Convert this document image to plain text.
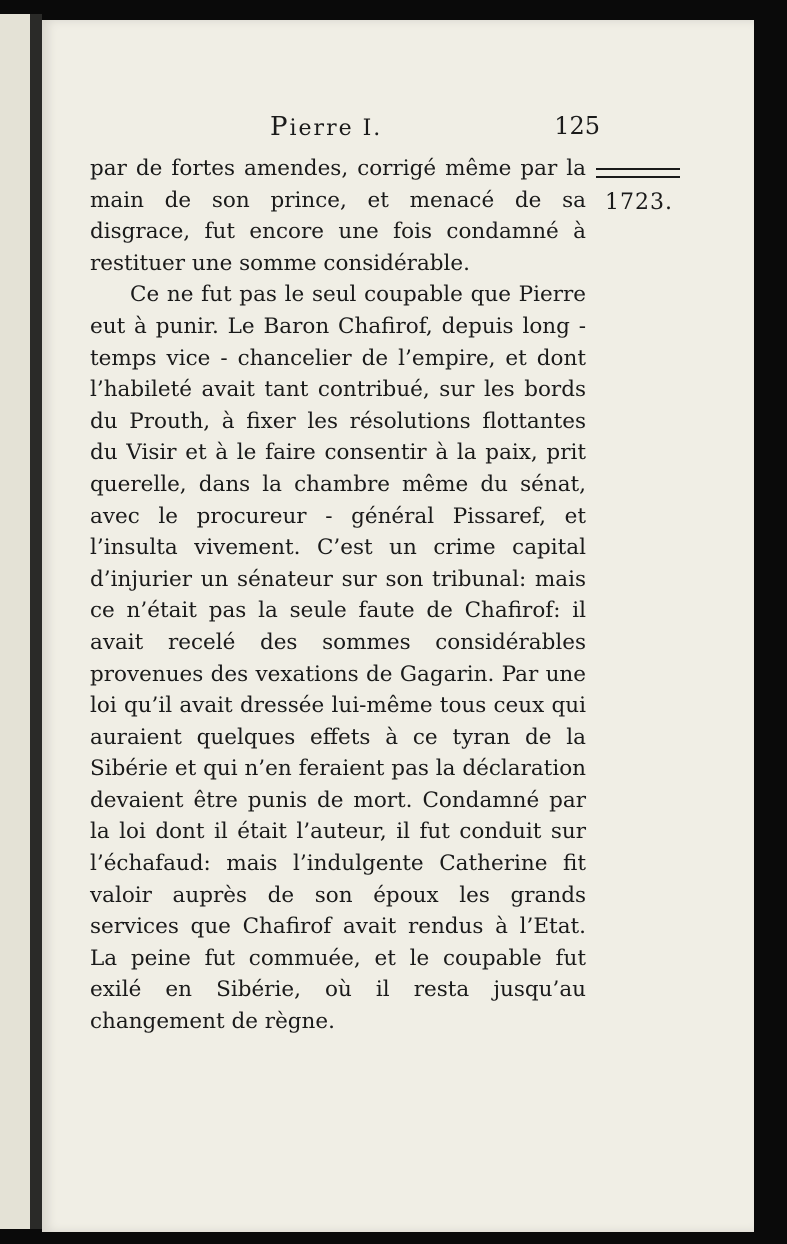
Pierre I.	125
1723.

par de fortes amendes, corrigé même par la main de son prince, et menacé de sa disgrace, fut encore une fois condamné à restituer une somme considérable.

Ce ne fut pas le seul coupable que Pierre eut à punir. Le Baron Chafirof, depuis long - temps vice - chancelier de l’empire, et dont l’habileté avait tant contribué, sur les bords du Prouth, à fixer les résolutions flottantes du Visir et à le faire consentir à la paix, prit querelle, dans la chambre même du sénat, avec le procureur - général Pissaref, et l’insulta vivement. C’est un crime capital d’injurier un sénateur sur son tribunal: mais ce n’était pas la seule faute de Chafirof: il avait recelé des sommes considérables provenues des vexations de Gagarin. Par une loi qu’il avait dressée lui-même tous ceux qui auraient quelques effets à ce tyran de la Sibérie et qui n’en feraient pas la déclaration devaient être punis de mort. Condamné par la loi dont il était l’auteur, il fut conduit sur l’échafaud: mais l’indulgente Catherine fit valoir auprès de son époux les grands services que Chafirof avait rendus à l’Etat. La peine fut commuée, et le coupable fut exilé en Sibérie, où il resta jusqu’au changement de règne.
